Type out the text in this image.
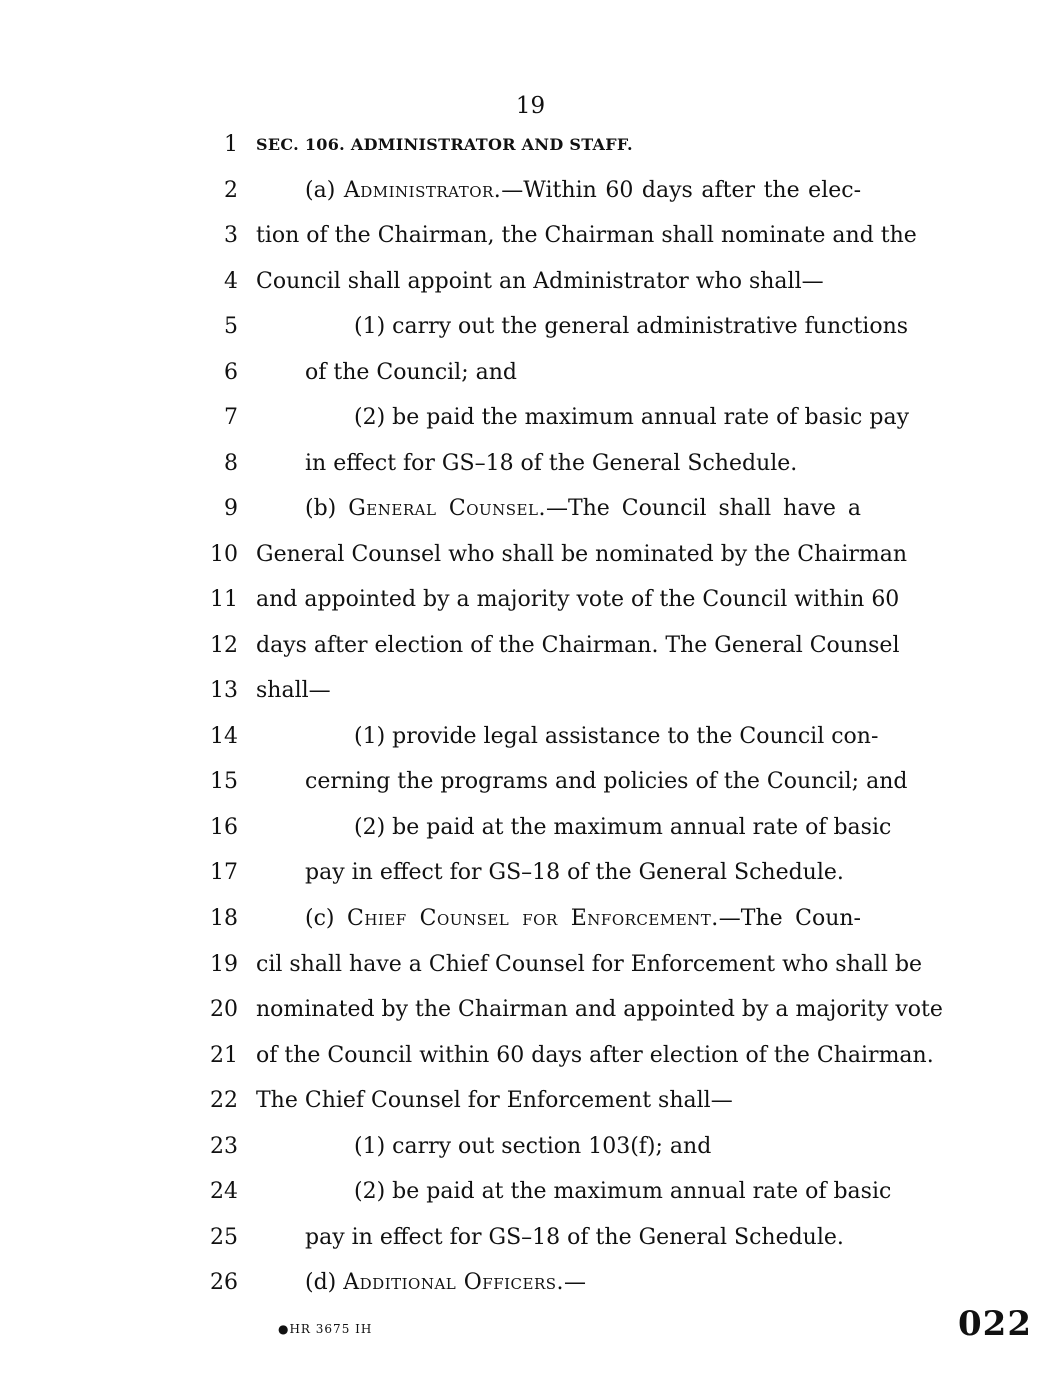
19
1 SEC. 106. ADMINISTRATOR AND STAFF.
2	(a) Administrator.—Within 60 days after the elec-
3 tion of the Chairman, the Chairman shall nominate and the
4 Council shall appoint an Administrator who shall—
5	(1) carry out the general administrative functions
6	of the Council; and
7	(2) be paid the maximum annual rate of basic pay
8	in effect for GS–18 of the General Schedule.
9	(b) General Counsel.—The Council shall have a
10 General Counsel who shall be nominated by the Chairman
11 and appointed by a majority vote of the Council within 60
12 days after election of the Chairman. The General Counsel
13 shall—
14	(1) provide legal assistance to the Council con-
15	cerning the programs and policies of the Council; and
16	(2) be paid at the maximum annual rate of basic
17	pay in effect for GS–18 of the General Schedule.
18	(c) Chief Counsel for Enforcement.—The Coun-
19 cil shall have a Chief Counsel for Enforcement who shall be
20 nominated by the Chairman and appointed by a majority vote
21 of the Council within 60 days after election of the Chairman.
22 The Chief Counsel for Enforcement shall—
23	(1) carry out section 103(f); and
24	(2) be paid at the maximum annual rate of basic
25	pay in effect for GS–18 of the General Schedule.
26	(d) Additional Officers.—
●HR 3675 IH	022
